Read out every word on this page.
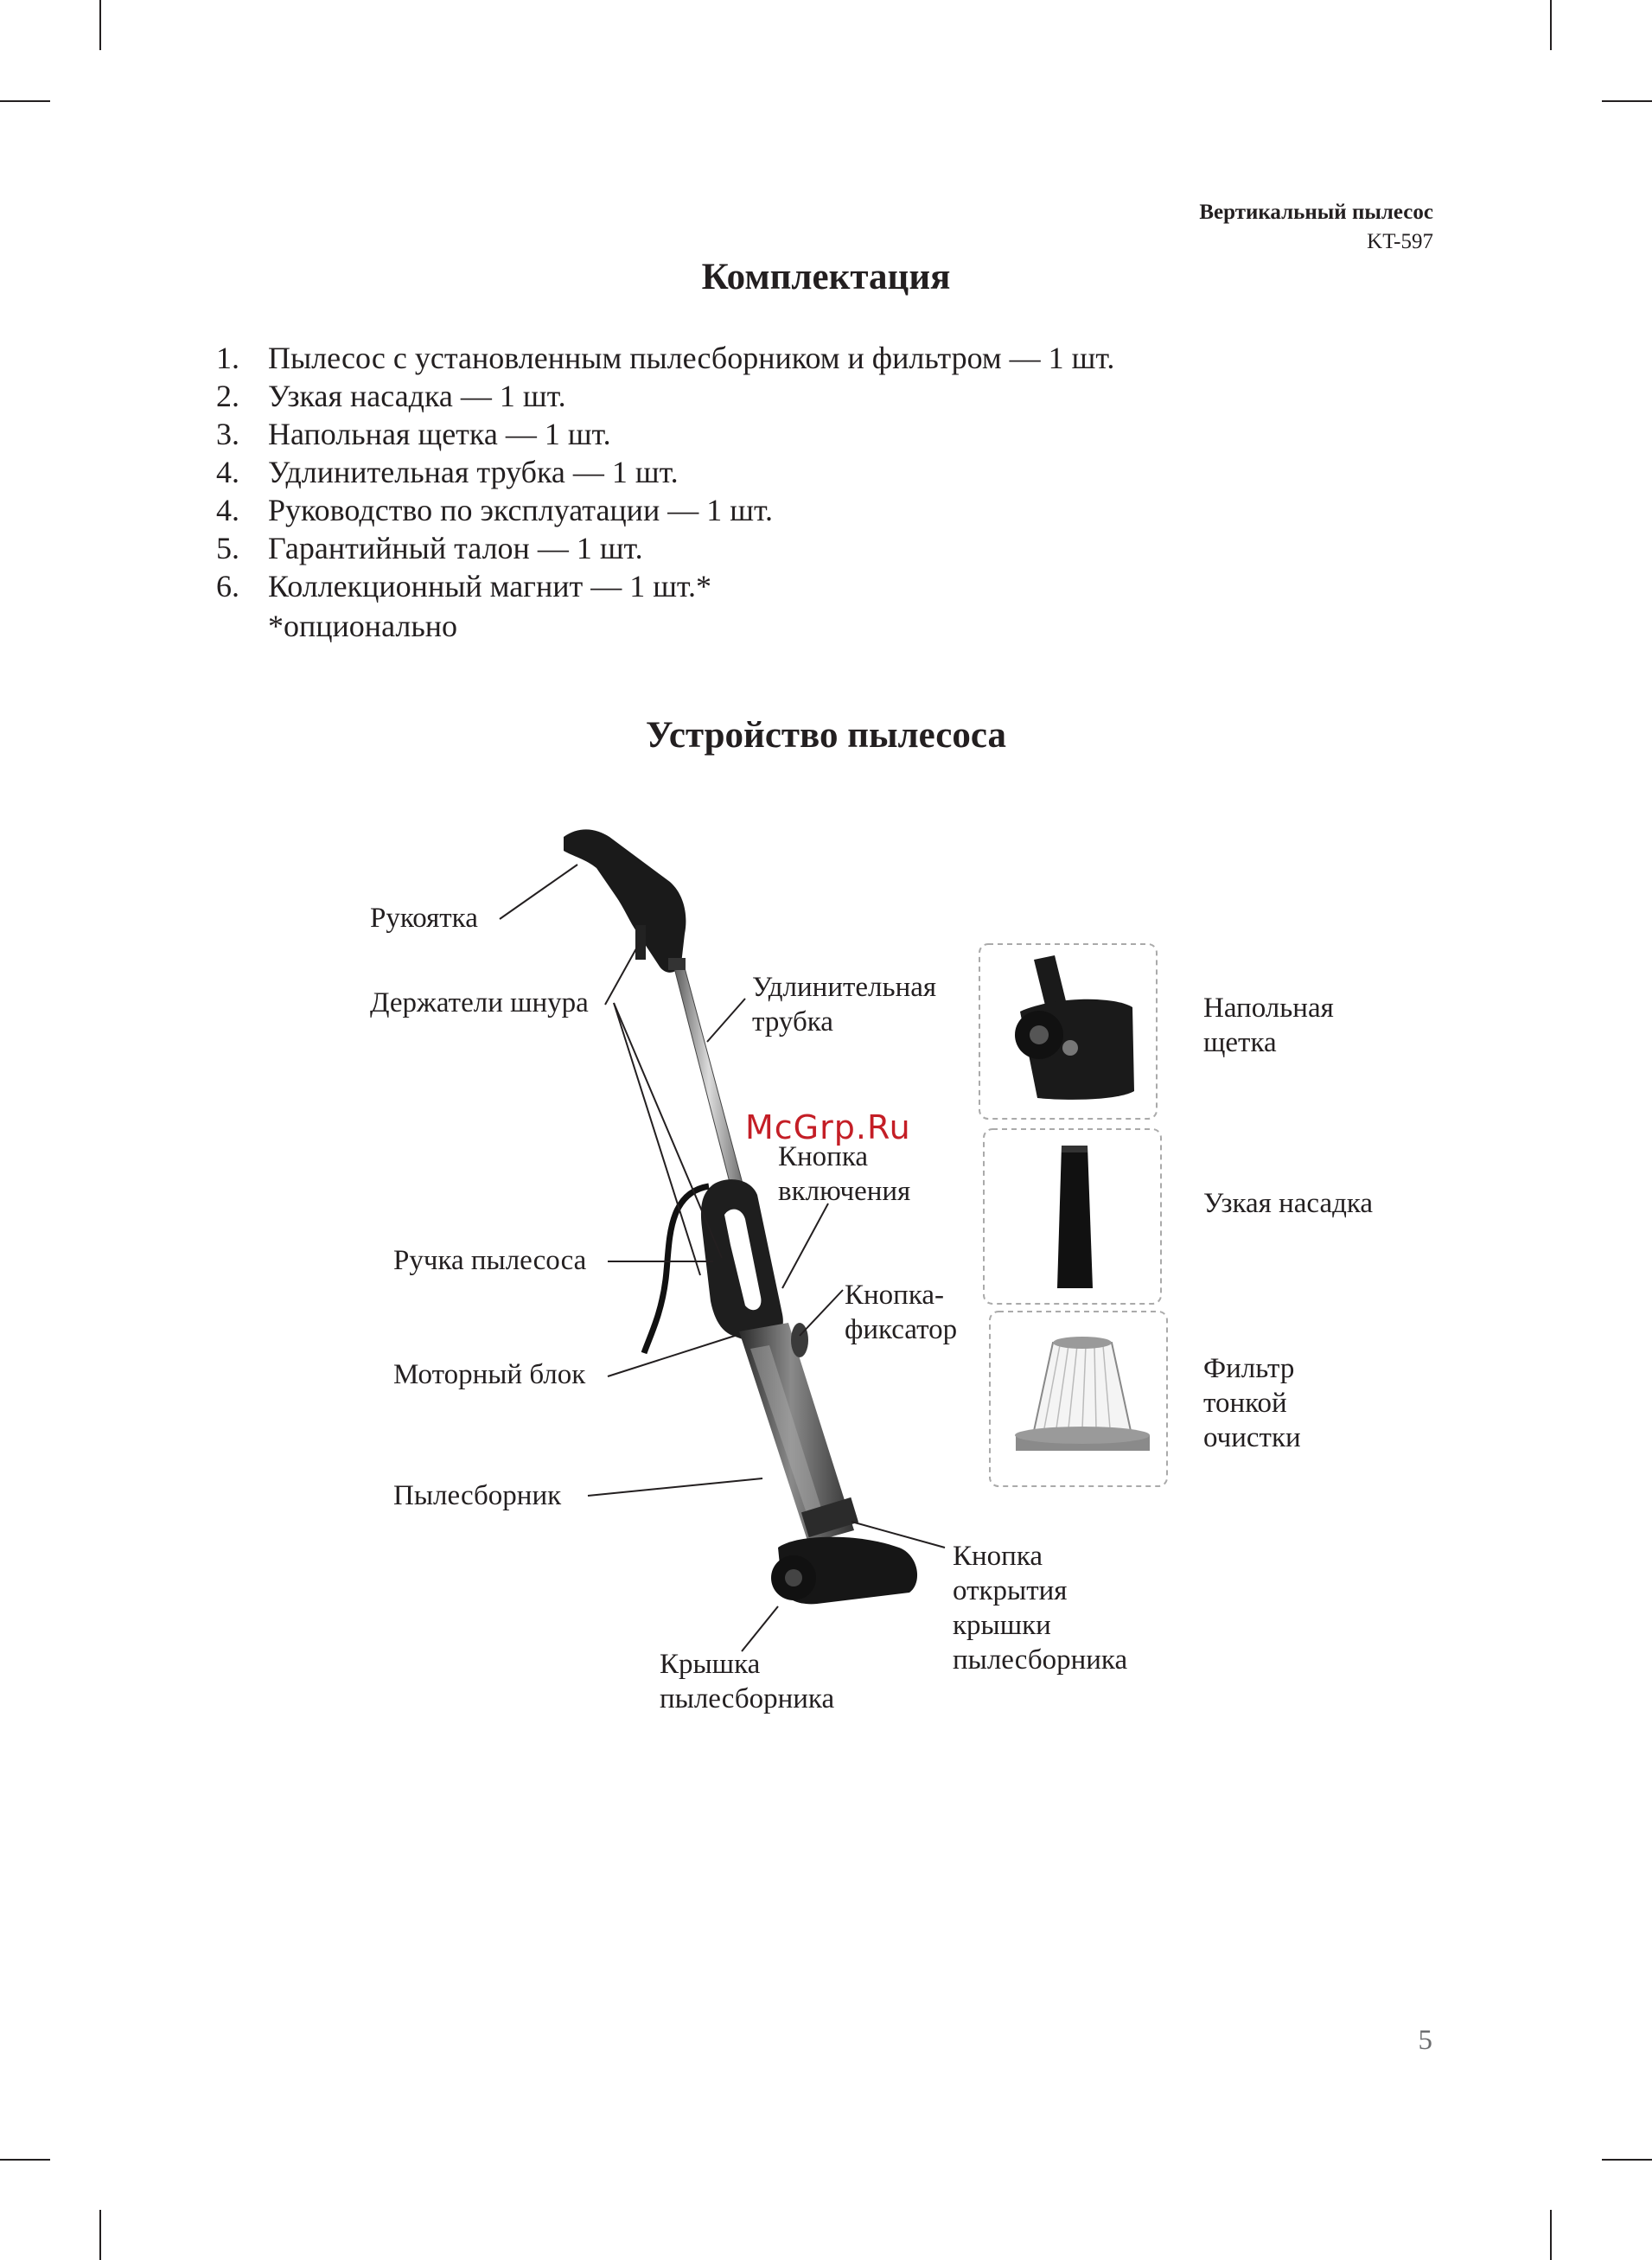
Вертикальный пылесос
KT-597
Комплектация
1. Пылесос с установленным пылесборником и фильтром — 1 шт.
2. Узкая насадка — 1 шт.
3. Напольная щетка — 1 шт.
4. Удлинительная трубка — 1 шт.
4. Руководство по эксплуатации — 1 шт.
5. Гарантийный талон — 1 шт.
6. Коллекционный магнит — 1 шт.*
*опционально
Устройство пылесоса
Рукоятка
Держатели шнура	Удлинительная
трубка
Кнопка
включения
Ручка пылесоса
Кнопка-
фиксатор
Моторный блок
Пылесборник
Крышка
пылесборника
Кнопка
открытия
крышки
пылесборника
Напольная
щетка
Узкая насадка
Фильтр
тонкой
очистки
McGrp.Ru
5
